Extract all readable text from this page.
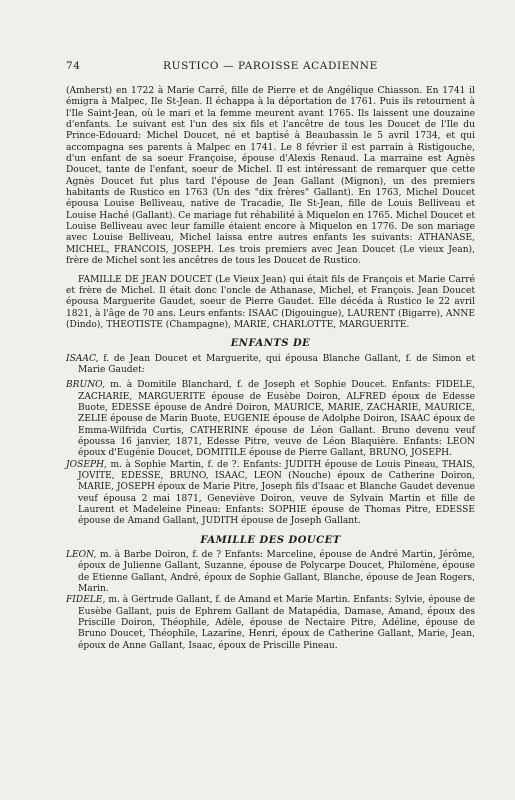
74	RUSTICO — PAROISSE ACADIENNE

(Amherst) en 1722 à Marie Carré, fille de Pierre et de Angélique Chiasson. En 1741 il émigra à Malpec, Ile St-Jean. Il échappa à la déportation de 1761. Puis ils retournent à l'Ile Saint-Jean, où le mari et la femme meurent avant 1765. Ils laissent une douzaine d'enfants. Le suivant est l'un des six fils et l'ancêtre de tous les Doucet de l'Ile du Prince-Edouard: Michel Doucet, né et baptisé à Beaubassin le 5 avril 1734, et qui accompagna ses parents à Malpec en 1741. Le 8 février il est parrain à Ristigouche, d'un enfant de sa soeur Françoise, épouse d'Alexis Renaud. La marraine est Agnès Doucet, tante de l'enfant, soeur de Michel. Il est intéressant de remarquer que cette Agnès Doucet fut plus tard l'épouse de Jean Gallant (Mignon), un des premiers habitants de Rustico en 1763 (Un des "dix frères" Gallant). En 1763, Michel Doucet épousa Louise Belliveau, native de Tracadie, Ile St-Jean, fille de Louis Belliveau et Louise Haché (Gallant). Ce mariage fut réhabilité à Miquelon en 1765. Michel Doucet et Louise Belliveau avec leur famille étaient encore à Miquelon en 1776. De son mariage avec Louise Belliveau, Michel laissa entre autres enfants les suivants: ATHANASE, MICHEL, FRANCOIS, JOSEPH. Les trois premiers avec Jean Doucet (Le vieux Jean), frère de Michel sont les ancêtres de tous les Doucet de Rustico.

FAMILLE DE JEAN DOUCET (Le Vieux Jean) qui était fils de François et Marie Carré et frère de Michel. Il était donc l'oncle de Athanase, Michel, et François. Jean Doucet épousa Marguerite Gaudet, soeur de Pierre Gaudet. Elle décéda à Rustico le 22 avril 1821, à l'âge de 70 ans. Leurs enfants: ISAAC (Digouingue), LAURENT (Bigarre), ANNE (Dindo), THEOTISTE (Champagne), MARIE, CHARLOTTE, MARGUERITE.

ENFANTS DE

ISAAC, f. de Jean Doucet et Marguerite, qui épousa Blanche Gallant, f. de Simon et Marie Gaudet:

BRUNO, m. à Domitile Blanchard, f. de Joseph et Sophie Doucet. Enfants: FIDELE, ZACHARIE, MARGUERITE épouse de Eusèbe Doiron, ALFRED époux de Edesse Buote, EDESSE épouse de André Doiron, MAURICE, MARIE, ZACHARIE, MAURICE, ZELIE épouse de Marin Buote, EUGENIE épouse de Adolphe Doiron, ISAAC époux de Emma-Wilfrida Curtis, CATHERINE épouse de Léon Gallant. Bruno devenu veuf époussa 16 janvier, 1871, Edesse Pitre, veuve de Léon Blaquière. Enfants: LEON époux d'Eugénie Doucet, DOMITILE épouse de Pierre Gallant, BRUNO, JOSEPH.

JOSEPH, m. à Sophie Martin, f. de ?. Enfants: JUDITH épouse de Louis Pineau, THAIS, JOVITE, EDESSE, BRUNO, ISAAC, LEON (Nouche) époux de Catherine Doiron, MARIE, JOSEPH époux de Marie Pitre, Joseph fils d'Isaac et Blanche Gaudet devenue veuf épousa 2 mai 1871, Geneviève Doiron, veuve de Sylvain Martin et fille de Laurent et Madeleine Pineau: Enfants: SOPHIE épouse de Thomas Pitre, EDESSE épouse de Amand Gallant, JUDITH épouse de Joseph Gallant.

FAMILLE DES DOUCET

LEON, m. à Barbe Doiron, f. de ? Enfants: Marceline, épouse de André Martin, Jérôme, époux de Julienne Gallant, Suzanne, épouse de Polycarpe Doucet, Philomène, épouse de Etienne Gallant, André, époux de Sophie Gallant, Blanche, épouse de Jean Rogers, Marin.

FIDELE, m. à Gertrude Gallant, f. de Amand et Marie Martin. Enfants: Sylvie, épouse de Eusèbe Gallant, puis de Ephrem Gallant de Matapédia, Damase, Amand, époux des Priscille Doiron, Théophile, Adèle, épouse de Nectaire Pitre, Adéline, épouse de Bruno Doucet, Théophile, Lazarine, Henri, époux de Catherine Gallant, Marie, Jean, époux de Anne Gallant, Isaac, époux de Priscille Pineau.
